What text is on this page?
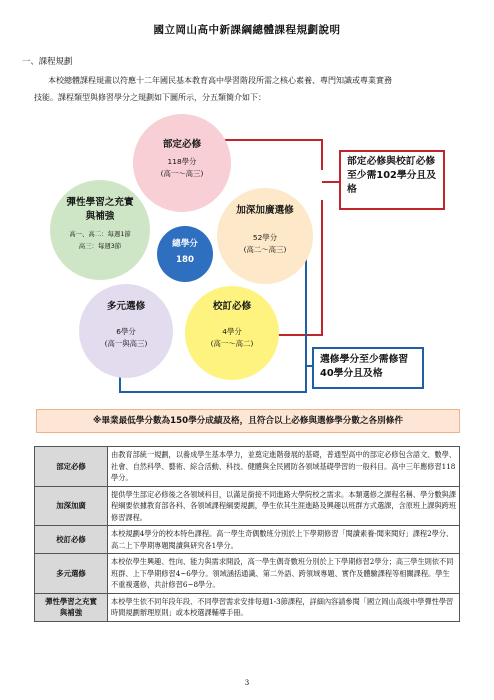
國立岡山高中新課綱總體課程規劃說明
一、課程規劃

本校總體課程規畫以符應十二年國民基本教育高中學習階段所需之核心素養、專門知識或專業實務

技能。課程類型與修習學分之規劃如下圖所示，分五類簡介如下：
部定必修
118學分
(高一～高三)
加深加廣選修
52學分
(高二～高三)
校訂必修
4學分
(高一～高二)
多元選修
6學分
(高一與高三)
彈性學習之充實與補強
高一、高二：每週1節
高三：每週3節	總學分
180
部定必修與校訂必修至少需102學分且及格
選修學分至少需修習40學分且及格
※畢業最低學分數為150學分成績及格，且符合以上必修與選修學分數之各別條件
部定必修	由教育部統一規劃，以養成學生基本學力，並奠定進階發展的基礎，普通型高中的部定必修包含語文、數學、社會、自然科學、藝術、綜合活動、科技、健體與全民國防各領域基礎學習的一般科目。高中三年應修習118學分。
加深加廣	提供學生部定必修後之各領域科目，以滿足銜接不同進路大學院校之需求。本類選修之課程名稱、學分數與課程綱要依據教育部各科、各領域課程綱要規劃，學生依其生涯進路及興趣以班群方式選課，含原班上課與跨班修習課程。
校訂必修	本校規劃4學分的校本特色課程。高一學生奇偶數班分別於上下學期修習「閱讀素養-聞來閱好」課程2學分、高二上下學期專題閱讀與研究各1學分。
多元選修	本校依學生興趣、性向、能力與需求開設，高一學生偶奇數班分別於上下學期修習2學分；高三學生則依不同班群、上下學期修習4~6學分。領域涵括通識、第二外語、跨領域專題、實作及體驗課程等相關課程。學生不重複選修，共計修習6~8學分。
彈性學習之充實與補強	本校學生依不同年段年段、不同學習需求安排每週1-3節課程，詳細內容請參閱「國立岡山高級中學彈性學習時間規劃辦理原則」或本校選課輔導手冊。
3
